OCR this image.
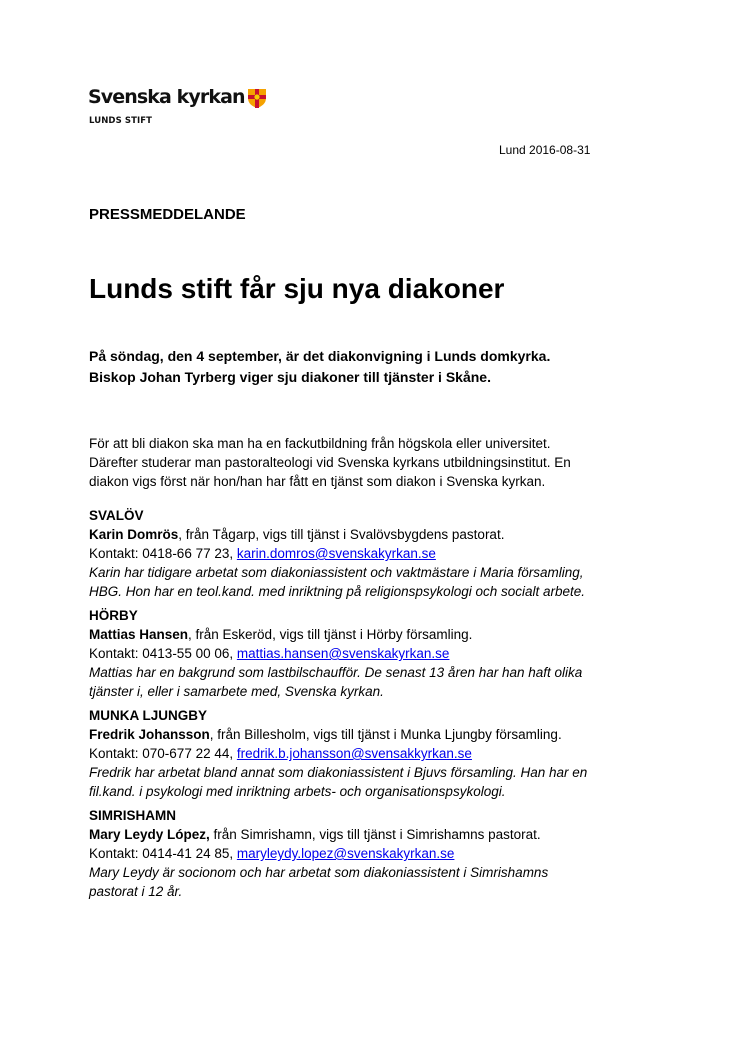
Svenska kyrkan
LUNDS STIFT
Lund 2016-08-31
PRESSMEDDELANDE
Lunds stift får sju nya diakoner
På söndag, den 4 september, är det diakonvigning i Lunds domkyrka.
Biskop Johan Tyrberg viger sju diakoner till tjänster i Skåne.
För att bli diakon ska man ha en fackutbildning från högskola eller universitet.
Därefter studerar man pastoralteologi vid Svenska kyrkans utbildningsinstitut. En
diakon vigs först när hon/han har fått en tjänst som diakon i Svenska kyrkan.
SVALÖV
Karin Domrös, från Tågarp, vigs till tjänst i Svalövsbygdens pastorat.
Kontakt: 0418-66 77 23, karin.domros@svenskakyrkan.se
Karin har tidigare arbetat som diakoniassistent och vaktmästare i Maria församling,
HBG. Hon har en teol.kand. med inriktning på religionspsykologi och socialt arbete.
HÖRBY
Mattias Hansen, från Eskeröd, vigs till tjänst i Hörby församling.
Kontakt: 0413-55 00 06, mattias.hansen@svenskakyrkan.se
Mattias har en bakgrund som lastbilschaufför. De senast 13 åren har han haft olika
tjänster i, eller i samarbete med, Svenska kyrkan.
MUNKA LJUNGBY
Fredrik Johansson, från Billesholm, vigs till tjänst i Munka Ljungby församling.
Kontakt: 070-677 22 44, fredrik.b.johansson@svensakkyrkan.se
Fredrik har arbetat bland annat som diakoniassistent i Bjuvs församling. Han har en
fil.kand. i psykologi med inriktning arbets- och organisationspsykologi.
SIMRISHAMN
Mary Leydy López, från Simrishamn, vigs till tjänst i Simrishamns pastorat.
Kontakt: 0414-41 24 85, maryleydy.lopez@svenskakyrkan.se
Mary Leydy är socionom och har arbetat som diakoniassistent i Simrishamns
pastorat i 12 år.
